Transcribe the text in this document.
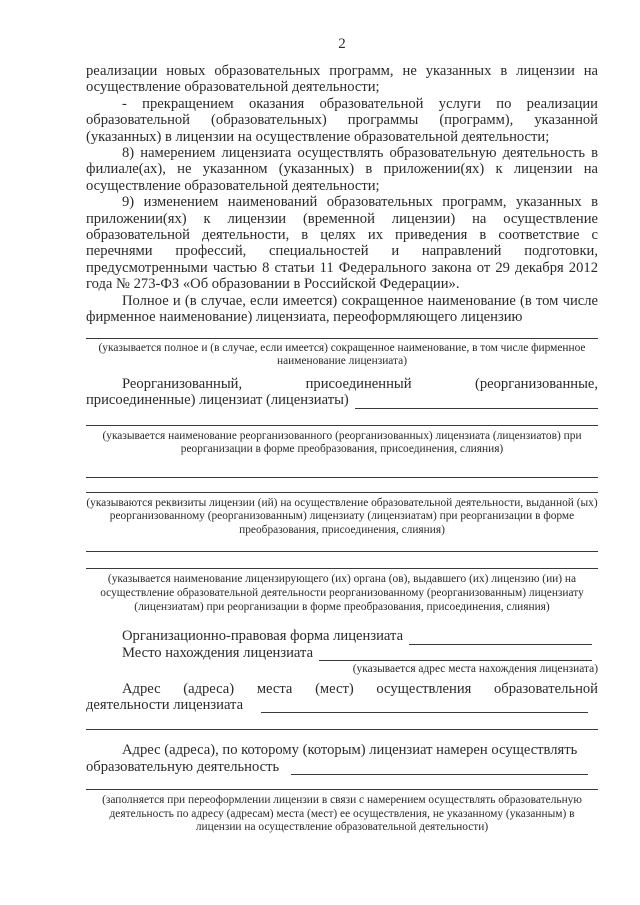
2

реализации новых образовательных программ, не указанных в лицензии на осуществление образовательной деятельности;

- прекращением оказания образовательной услуги по реализации образовательной (образовательных) программы (программ), указанной (указанных) в лицензии на осуществление образовательной деятельности;

8) намерением лицензиата осуществлять образовательную деятельность в филиале(ах), не указанном (указанных) в приложении(ях) к лицензии на осуществление образовательной деятельности;

9) изменением наименований образовательных программ, указанных в приложении(ях) к лицензии (временной лицензии) на осуществление образовательной деятельности, в целях их приведения в соответствие с перечнями профессий, специальностей и направлений подготовки, предусмотренными частью 8 статьи 11 Федерального закона от 29 декабря 2012 года № 273-ФЗ «Об образовании в Российской Федерации».

Полное и (в случае, если имеется) сокращенное наименование (в том числе фирменное наименование) лицензиата, переоформляющего лицензию

(указывается полное и (в случае, если имеется) сокращенное наименование, в том числе фирменное наименование лицензиата)

Реорганизованный,	присоединенный	(реорганизованные,
присоединенные) лицензиат (лицензиаты)

(указывается наименование реорганизованного (реорганизованных) лицензиата (лицензиатов) при реорганизации в форме преобразования, присоединения, слияния)

(указываются реквизиты лицензии (ий) на осуществление образовательной деятельности, выданной (ых) реорганизованному (реорганизованным) лицензиату (лицензиатам) при реорганизации в форме преобразования, присоединения, слияния)

(указывается наименование лицензирующего (их) органа (ов), выдавшего (их) лицензию (ии) на осуществление образовательной деятельности реорганизованному (реорганизованным) лицензиату (лицензиатам) при реорганизации в форме преобразования, присоединения, слияния)

Организационно-правовая форма лицензиата
Место нахождения лицензиата

(указывается адрес места нахождения лицензиата)

Адрес (адреса) места (мест) осуществления образовательной
деятельности лицензиата

Адрес (адреса), по которому (которым) лицензиат намерен осуществлять

образовательную деятельность

(заполняется при переоформлении лицензии в связи с намерением осуществлять образовательную деятельность по адресу (адресам) места (мест) ее осуществления, не указанному (указанным) в лицензии на осуществление образовательной деятельности)
